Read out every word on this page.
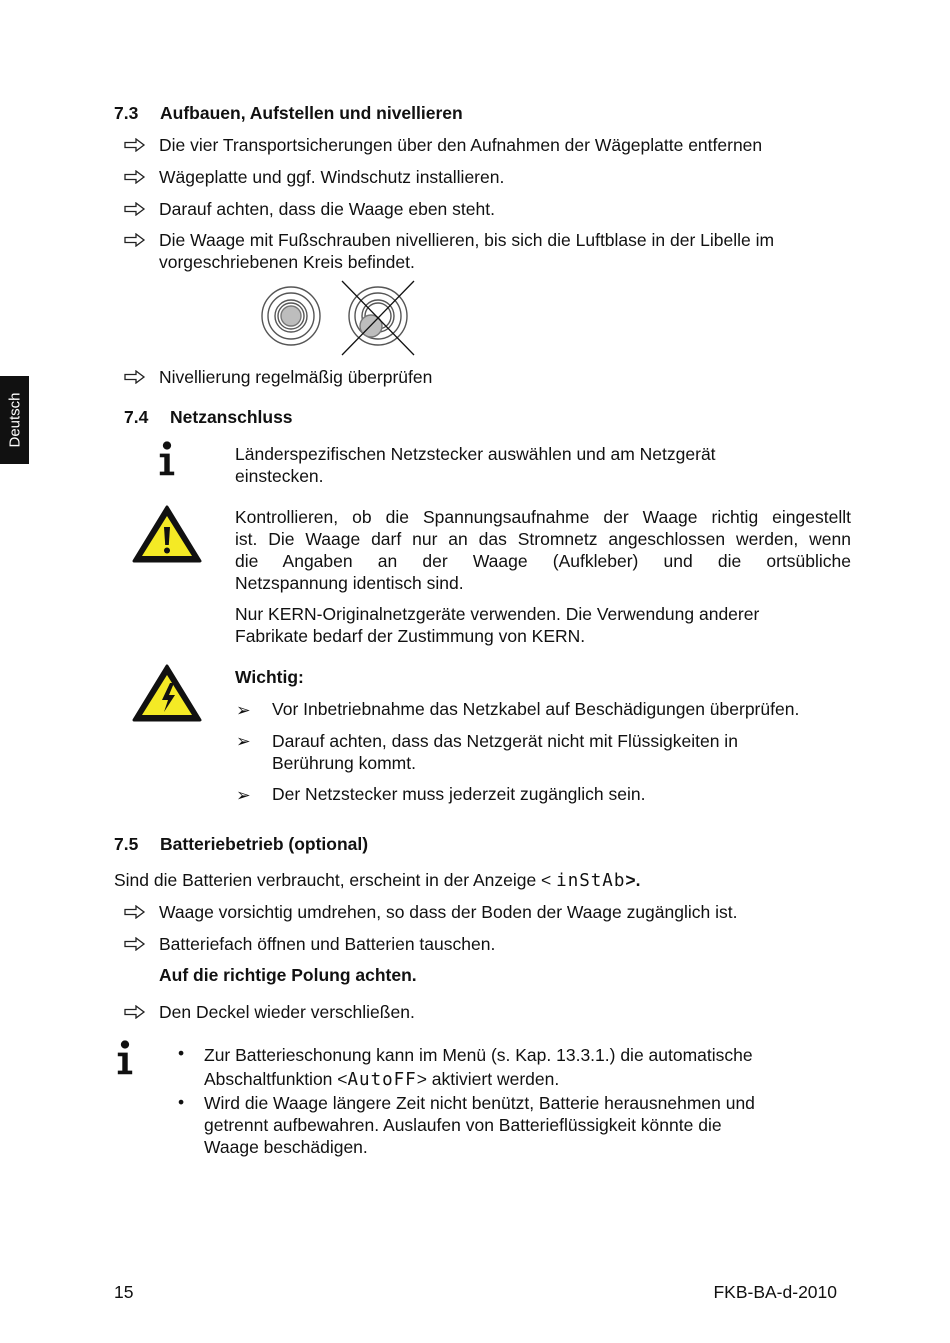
Deutsch
7.3 Aufbauen, Aufstellen und nivellieren
Die vier Transportsicherungen über den Aufnahmen der Wägeplatte entfernen
Wägeplatte und ggf. Windschutz installieren.
Darauf achten, dass die Waage eben steht.
Die Waage mit Fußschrauben nivellieren, bis sich die Luftblase in der Libelle im
vorgeschriebenen Kreis befindet.
Nivellierung regelmäßig überprüfen
7.4 Netzanschluss
Länderspezifischen Netzstecker auswählen und am Netzgerät
einstecken.
Kontrollieren, ob die Spannungsaufnahme der Waage richtig eingestellt
ist. Die Waage darf nur an das Stromnetz angeschlossen werden, wenn
die Angaben an der Waage (Aufkleber) und die ortsübliche
Netzspannung identisch sind.
Nur KERN-Originalnetzgeräte verwenden. Die Verwendung anderer
Fabrikate bedarf der Zustimmung von KERN.
Wichtig:
➢ Vor Inbetriebnahme das Netzkabel auf Beschädigungen überprüfen.
➢ Darauf achten, dass das Netzgerät nicht mit Flüssigkeiten in
Berührung kommt.
➢ Der Netzstecker muss jederzeit zugänglich sein.
7.5 Batteriebetrieb (optional)
Sind die Batterien verbraucht, erscheint in der Anzeige < inStAb>.
Waage vorsichtig umdrehen, so dass der Boden der Waage zugänglich ist.
Batteriefach öffnen und Batterien tauschen.
Auf die richtige Polung achten.
Den Deckel wieder verschließen.
• Zur Batterieschonung kann im Menü (s. Kap. 13.3.1.) die automatische
Abschaltfunktion <AutoFF> aktiviert werden.
• Wird die Waage längere Zeit nicht benützt, Batterie herausnehmen und
getrennt aufbewahren. Auslaufen von Batterieflüssigkeit könnte die
Waage beschädigen.
15	FKB-BA-d-2010
